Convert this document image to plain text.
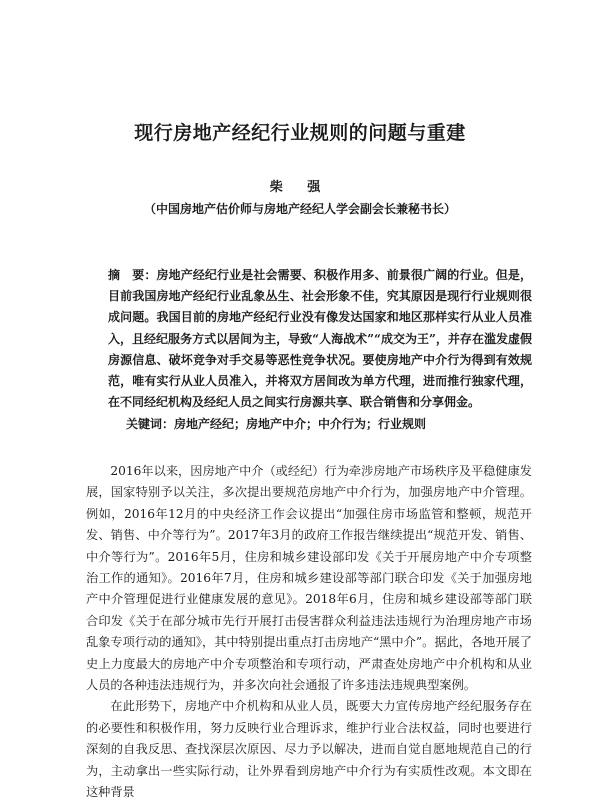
现行房地产经纪行业规则的问题与重建
柴 强
（中国房地产估价师与房地产经纪人学会副会长兼秘书长）
摘　要：房地产经纪行业是社会需要、积极作用多、前景很广阔的行业。但是，目前我国房地产经纪行业乱象丛生、社会形象不佳，究其原因是现行行业规则很成问题。我国目前的房地产经纪行业没有像发达国家和地区那样实行从业人员准入，且经纪服务方式以居间为主，导致“人海战术”“成交为王”，并存在滥发虚假房源信息、破坏竞争对手交易等恶性竞争状况。要使房地产中介行为得到有效规范，唯有实行从业人员准入，并将双方居间改为单方代理，进而推行独家代理，在不同经纪机构及经纪人员之间实行房源共享、联合销售和分享佣金。
关键词：房地产经纪；房地产中介；中介行为；行业规则

2016年以来，因房地产中介（或经纪）行为牵涉房地产市场秩序及平稳健康发展，国家特别予以关注，多次提出要规范房地产中介行为，加强房地产中介管理。例如，2016年12月的中央经济工作会议提出“加强住房市场监管和整顿，规范开发、销售、中介等行为”。2017年3月的政府工作报告继续提出“规范开发、销售、中介等行为”。2016年5月，住房和城乡建设部印发《关于开展房地产中介专项整治工作的通知》。2016年7月，住房和城乡建设部等部门联合印发《关于加强房地产中介管理促进行业健康发展的意见》。2018年6月，住房和城乡建设部等部门联合印发《关于在部分城市先行开展打击侵害群众利益违法违规行为治理房地产市场乱象专项行动的通知》，其中特别提出重点打击房地产“黑中介”。据此，各地开展了史上力度最大的房地产中介专项整治和专项行动，严肃查处房地产中介机构和从业人员的各种违法违规行为，并多次向社会通报了许多违法违规典型案例。

在此形势下，房地产中介机构和从业人员，既要大力宣传房地产经纪服务存在的必要性和积极作用，努力反映行业合理诉求，维护行业合法权益，同时也要进行深刻的自我反思、查找深层次原因、尽力予以解决，进而自觉自愿地规范自己的行为，主动拿出一些实际行动，让外界看到房地产中介行为有实质性改观。本文即在这种背景
